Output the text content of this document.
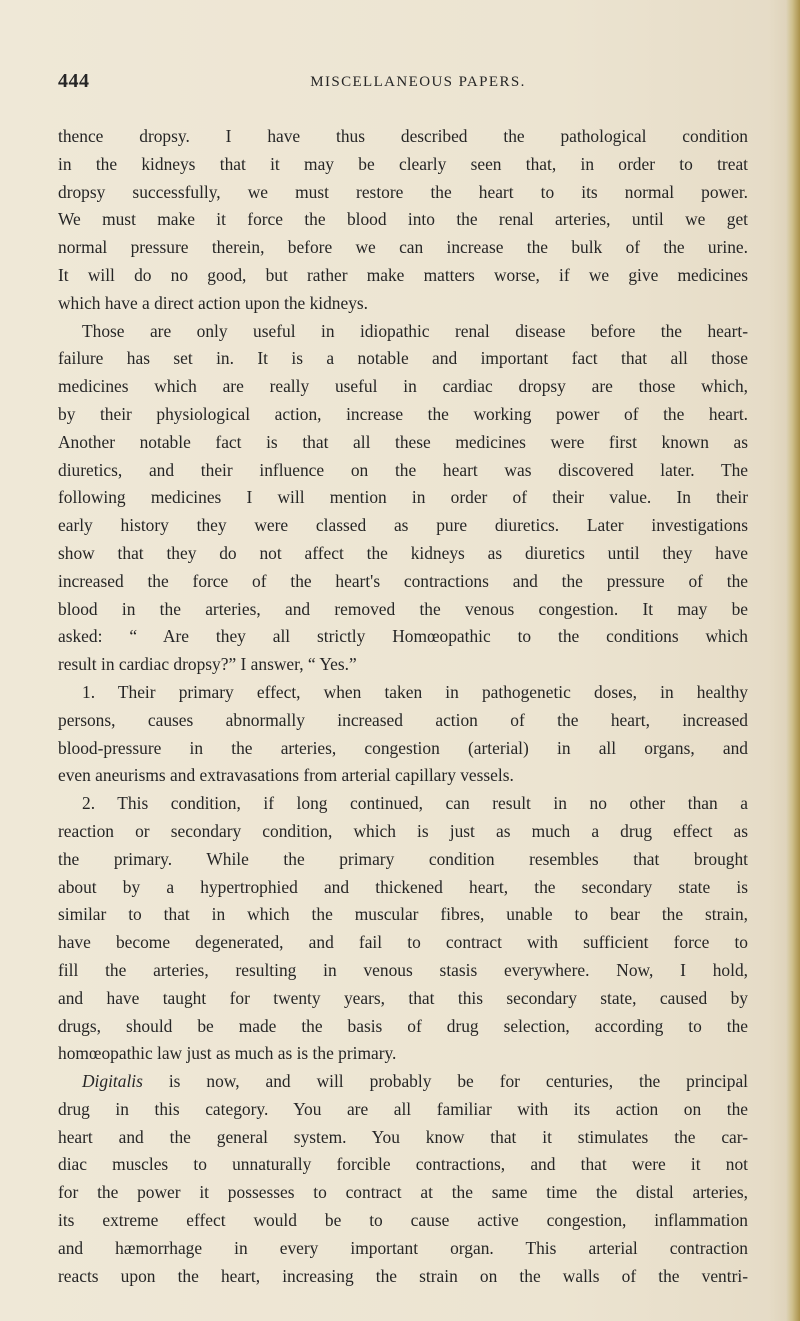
444	MISCELLANEOUS PAPERS.
thence dropsy. I have thus described the pathological condition
in the kidneys that it may be clearly seen that, in order to treat
dropsy successfully, we must restore the heart to its normal power.
We must make it force the blood into the renal arteries, until we get
normal pressure therein, before we can increase the bulk of the urine.
It will do no good, but rather make matters worse, if we give medicines
which have a direct action upon the kidneys.
Those are only useful in idiopathic renal disease before the heart-
failure has set in. It is a notable and important fact that all those
medicines which are really useful in cardiac dropsy are those which,
by their physiological action, increase the working power of the heart.
Another notable fact is that all these medicines were first known as
diuretics, and their influence on the heart was discovered later. The
following medicines I will mention in order of their value. In their
early history they were classed as pure diuretics. Later investigations
show that they do not affect the kidneys as diuretics until they have
increased the force of the heart's contractions and the pressure of the
blood in the arteries, and removed the venous congestion. It may be
asked: “ Are they all strictly Homœopathic to the conditions which
result in cardiac dropsy?” I answer, “ Yes.”
1. Their primary effect, when taken in pathogenetic doses, in healthy
persons, causes abnormally increased action of the heart, increased
blood-pressure in the arteries, congestion (arterial) in all organs, and
even aneurisms and extravasations from arterial capillary vessels.
2. This condition, if long continued, can result in no other than a
reaction or secondary condition, which is just as much a drug effect as
the primary. While the primary condition resembles that brought
about by a hypertrophied and thickened heart, the secondary state is
similar to that in which the muscular fibres, unable to bear the strain,
have become degenerated, and fail to contract with sufficient force to
fill the arteries, resulting in venous stasis everywhere. Now, I hold,
and have taught for twenty years, that this secondary state, caused by
drugs, should be made the basis of drug selection, according to the
homœopathic law just as much as is the primary.
Digitalis is now, and will probably be for centuries, the principal
drug in this category. You are all familiar with its action on the
heart and the general system. You know that it stimulates the car-
diac muscles to unnaturally forcible contractions, and that were it not
for the power it possesses to contract at the same time the distal arteries,
its extreme effect would be to cause active congestion, inflammation
and hæmorrhage in every important organ. This arterial contraction
reacts upon the heart, increasing the strain on the walls of the ventri-
